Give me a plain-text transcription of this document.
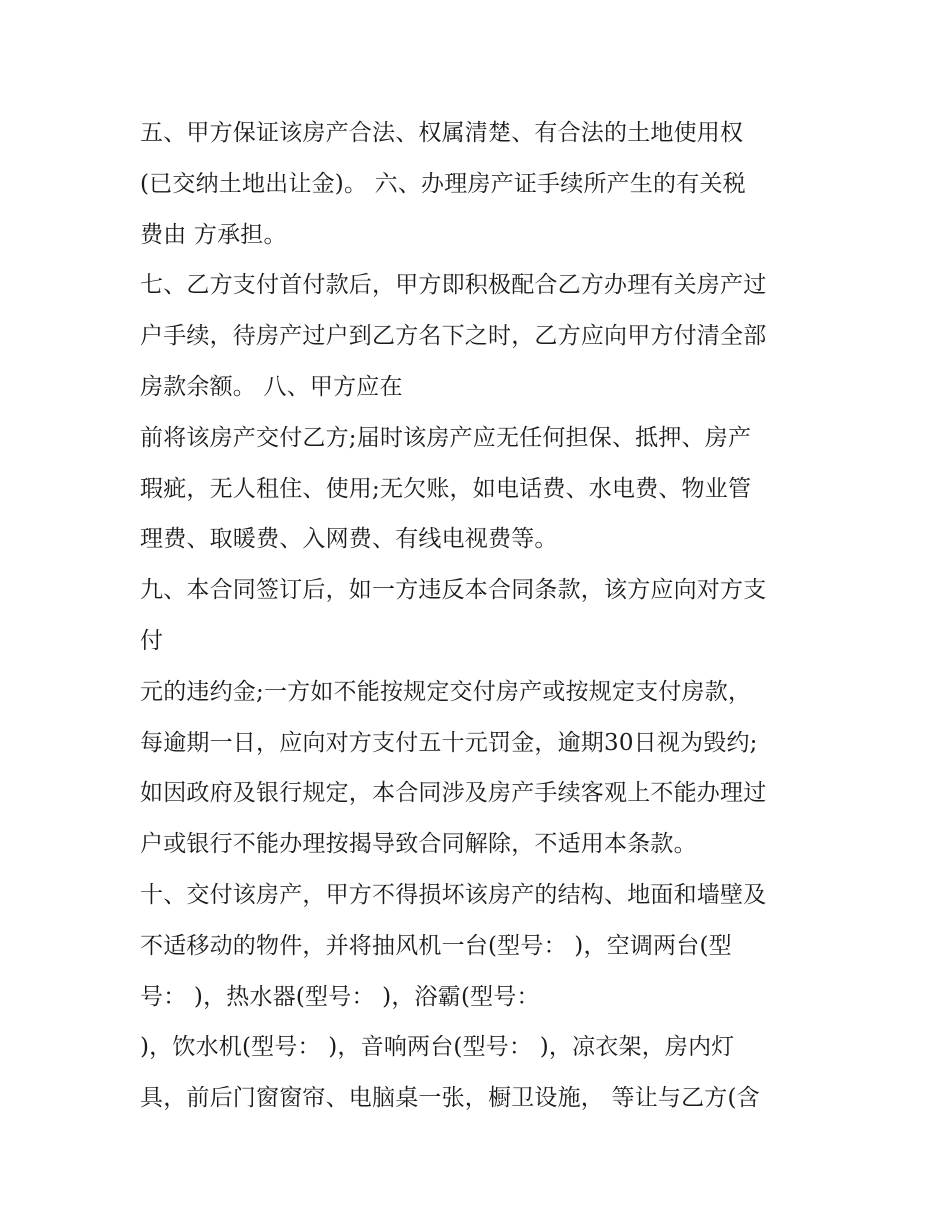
五、甲方保证该房产合法、权属清楚、有合法的土地使用权
(已交纳土地出让金)。 六、办理房产证手续所产生的有关税
费由 方承担。
七、乙方支付首付款后，甲方即积极配合乙方办理有关房产过
户手续，待房产过户到乙方名下之时，乙方应向甲方付清全部
房款余额。 八、甲方应在
前将该房产交付乙方;届时该房产应无任何担保、抵押、房产
瑕疵，无人租住、使用;无欠账，如电话费、水电费、物业管
理费、取暖费、入网费、有线电视费等。
九、本合同签订后，如一方违反本合同条款，该方应向对方支
付
元的违约金;一方如不能按规定交付房产或按规定支付房款，
每逾期一日，应向对方支付五十元罚金，逾期30日视为毁约;
如因政府及银行规定，本合同涉及房产手续客观上不能办理过
户或银行不能办理按揭导致合同解除，不适用本条款。
十、交付该房产，甲方不得损坏该房产的结构、地面和墙壁及
不适移动的物件，并将抽风机一台(型号： )，空调两台(型
号： )，热水器(型号： )，浴霸(型号：
)，饮水机(型号： )，音响两台(型号： )，凉衣架，房内灯
具，前后门窗窗帘、电脑桌一张，橱卫设施， 等让与乙方(含
